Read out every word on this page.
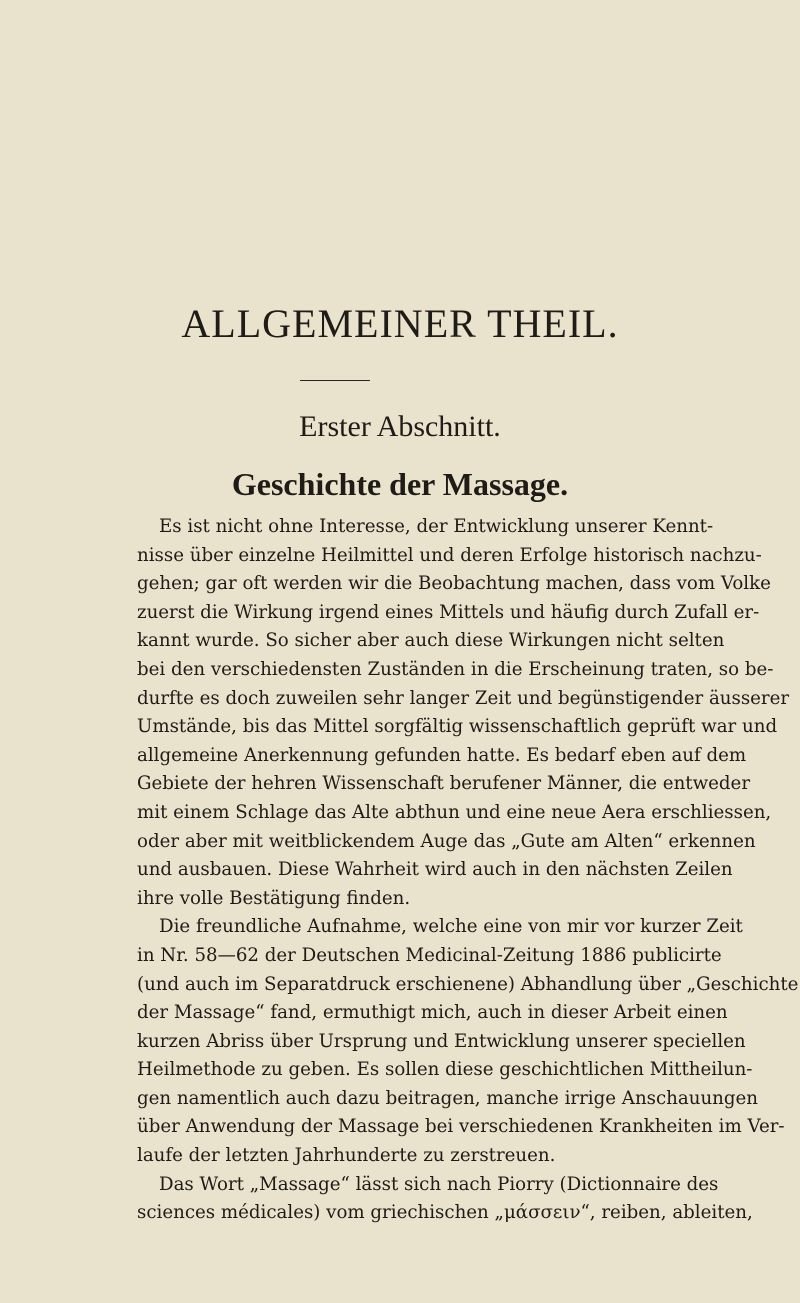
ALLGEMEINER THEIL.
Erster Abschnitt.
Geschichte der Massage.
Es ist nicht ohne Interesse, der Entwicklung unserer Kennt-
nisse über einzelne Heilmittel und deren Erfolge historisch nachzu-
gehen; gar oft werden wir die Beobachtung machen, dass vom Volke
zuerst die Wirkung irgend eines Mittels und häufig durch Zufall er-
kannt wurde. So sicher aber auch diese Wirkungen nicht selten
bei den verschiedensten Zuständen in die Erscheinung traten, so be-
durfte es doch zuweilen sehr langer Zeit und begünstigender äusserer
Umstände, bis das Mittel sorgfältig wissenschaftlich geprüft war und
allgemeine Anerkennung gefunden hatte. Es bedarf eben auf dem
Gebiete der hehren Wissenschaft berufener Männer, die entweder
mit einem Schlage das Alte abthun und eine neue Aera erschliessen,
oder aber mit weitblickendem Auge das „Gute am Alten“ erkennen
und ausbauen. Diese Wahrheit wird auch in den nächsten Zeilen
ihre volle Bestätigung finden.
Die freundliche Aufnahme, welche eine von mir vor kurzer Zeit
in Nr. 58—62 der Deutschen Medicinal-Zeitung 1886 publicirte
(und auch im Separatdruck erschienene) Abhandlung über „Geschichte
der Massage“ fand, ermuthigt mich, auch in dieser Arbeit einen
kurzen Abriss über Ursprung und Entwicklung unserer speciellen
Heilmethode zu geben. Es sollen diese geschichtlichen Mittheilun-
gen namentlich auch dazu beitragen, manche irrige Anschauungen
über Anwendung der Massage bei verschiedenen Krankheiten im Ver-
laufe der letzten Jahrhunderte zu zerstreuen.
Das Wort „Massage“ lässt sich nach Piorry (Dictionnaire des
sciences médicales) vom griechischen „μάσσειν“, reiben, ableiten,
